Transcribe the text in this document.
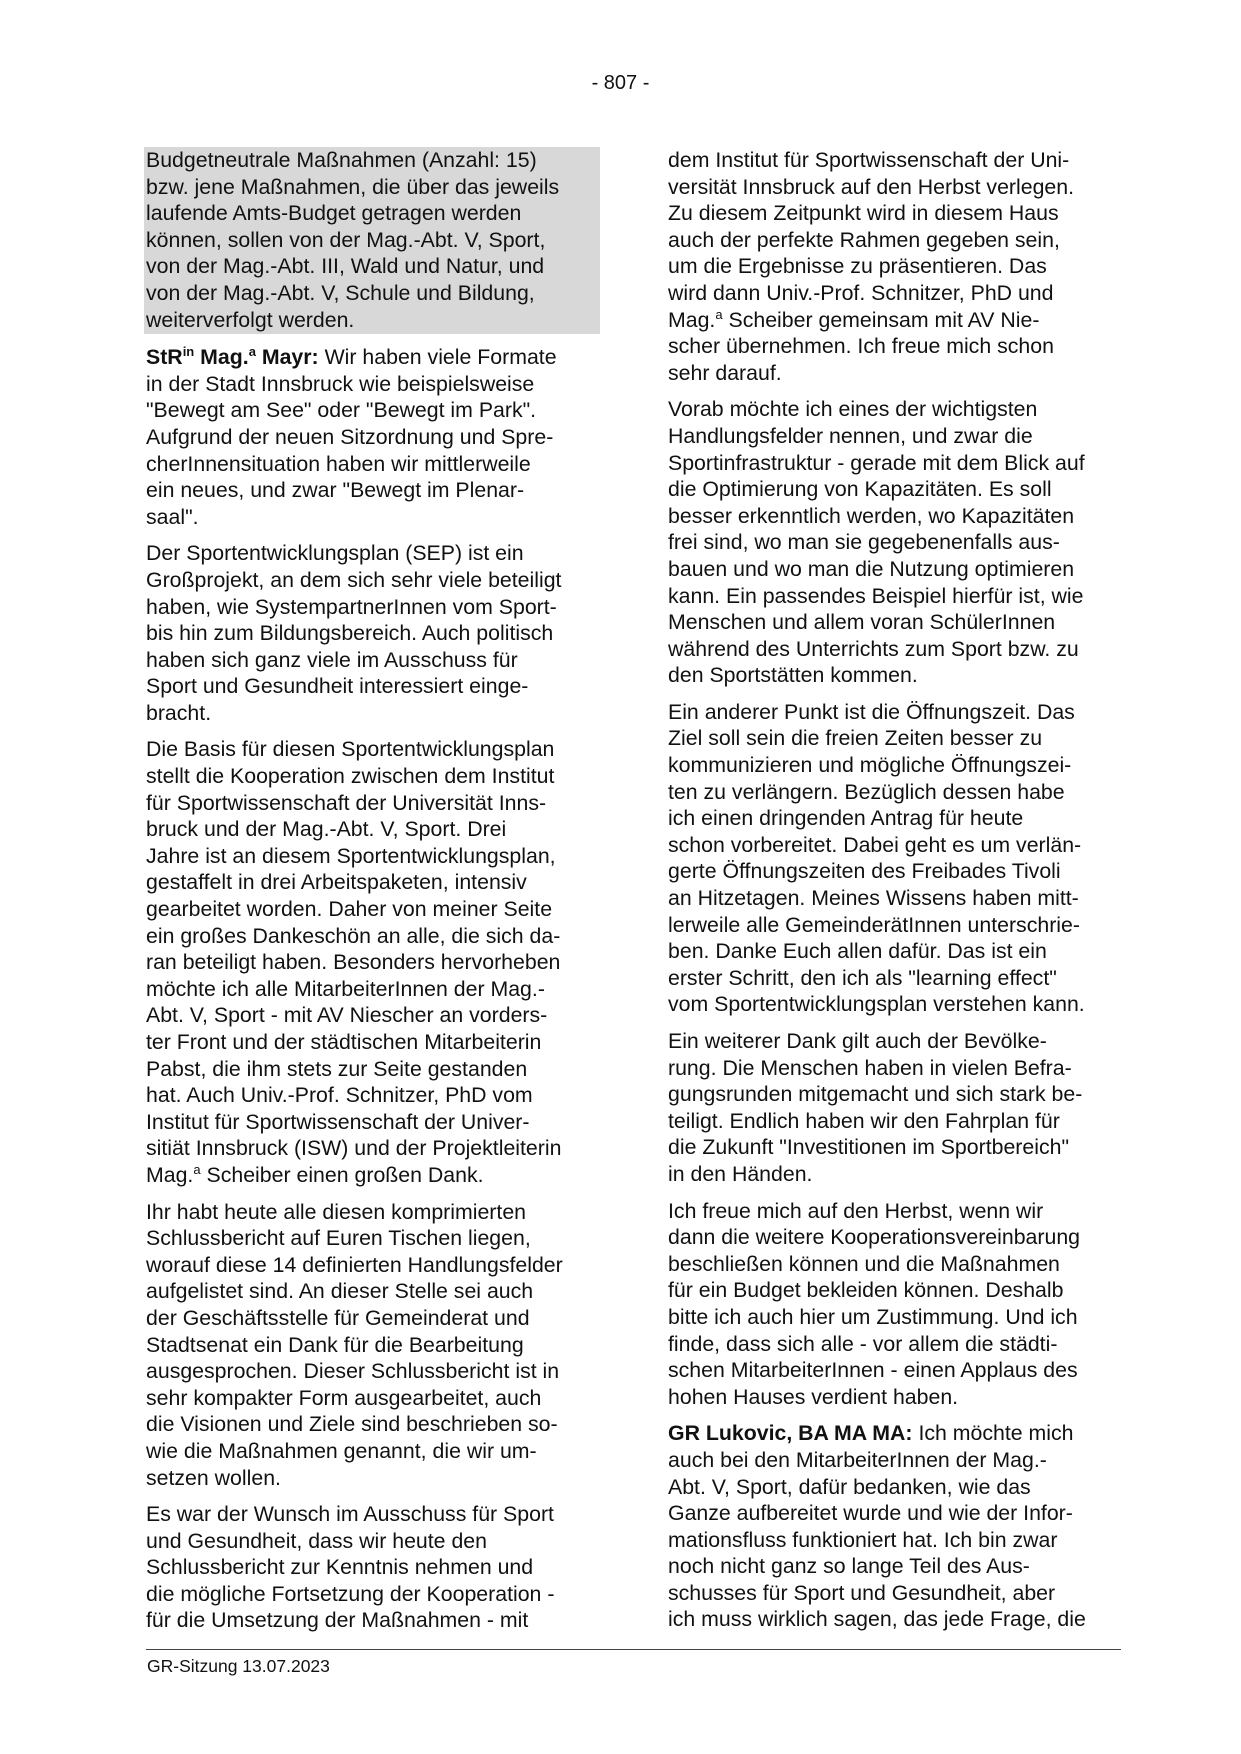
- 807 -
Budgetneutrale Maßnahmen (Anzahl: 15)
bzw. jene Maßnahmen, die über das jeweils
laufende Amts-Budget getragen werden
können, sollen von der Mag.-Abt. V, Sport,
von der Mag.-Abt. III, Wald und Natur, und
von der Mag.-Abt. V, Schule und Bildung,
weiterverfolgt werden.
StR$^{in}$ Mag.$^a$ Mayr: Wir haben viele Formate
in der Stadt Innsbruck wie beispielsweise
"Bewegt am See" oder "Bewegt im Park".
Aufgrund der neuen Sitzordnung und Spre-
cherInnensituation haben wir mittlerweile
ein neues, und zwar "Bewegt im Plenar-
saal".
Der Sportentwicklungsplan (SEP) ist ein
Großprojekt, an dem sich sehr viele beteiligt
haben, wie SystempartnerInnen vom Sport-
bis hin zum Bildungsbereich. Auch politisch
haben sich ganz viele im Ausschuss für
Sport und Gesundheit interessiert einge-
bracht.
Die Basis für diesen Sportentwicklungsplan
stellt die Kooperation zwischen dem Institut
für Sportwissenschaft der Universität Inns-
bruck und der Mag.-Abt. V, Sport. Drei
Jahre ist an diesem Sportentwicklungsplan,
gestaffelt in drei Arbeitspaketen, intensiv
gearbeitet worden. Daher von meiner Seite
ein großes Dankeschön an alle, die sich da-
ran beteiligt haben. Besonders hervorheben
möchte ich alle MitarbeiterInnen der Mag.-
Abt. V, Sport - mit AV Niescher an vorders-
ter Front und der städtischen Mitarbeiterin
Pabst, die ihm stets zur Seite gestanden
hat. Auch Univ.-Prof. Schnitzer, PhD vom
Institut für Sportwissenschaft der Univer-
sitiät Innsbruck (ISW) und der Projektleiterin
Mag.$^a$ Scheiber einen großen Dank.
Ihr habt heute alle diesen komprimierten
Schlussbericht auf Euren Tischen liegen,
worauf diese 14 definierten Handlungsfelder
aufgelistet sind. An dieser Stelle sei auch
der Geschäftsstelle für Gemeinderat und
Stadtsenat ein Dank für die Bearbeitung
ausgesprochen. Dieser Schlussbericht ist in
sehr kompakter Form ausgearbeitet, auch
die Visionen und Ziele sind beschrieben so-
wie die Maßnahmen genannt, die wir um-
setzen wollen.
Es war der Wunsch im Ausschuss für Sport
und Gesundheit, dass wir heute den
Schlussbericht zur Kenntnis nehmen und
die mögliche Fortsetzung der Kooperation -
für die Umsetzung der Maßnahmen - mit
dem Institut für Sportwissenschaft der Uni-
versität Innsbruck auf den Herbst verlegen.
Zu diesem Zeitpunkt wird in diesem Haus
auch der perfekte Rahmen gegeben sein,
um die Ergebnisse zu präsentieren. Das
wird dann Univ.-Prof. Schnitzer, PhD und
Mag.$^a$ Scheiber gemeinsam mit AV Nie-
scher übernehmen. Ich freue mich schon
sehr darauf.
Vorab möchte ich eines der wichtigsten
Handlungsfelder nennen, und zwar die
Sportinfrastruktur - gerade mit dem Blick auf
die Optimierung von Kapazitäten. Es soll
besser erkenntlich werden, wo Kapazitäten
frei sind, wo man sie gegebenenfalls aus-
bauen und wo man die Nutzung optimieren
kann. Ein passendes Beispiel hierfür ist, wie
Menschen und allem voran SchülerInnen
während des Unterrichts zum Sport bzw. zu
den Sportstätten kommen.
Ein anderer Punkt ist die Öffnungszeit. Das
Ziel soll sein die freien Zeiten besser zu
kommunizieren und mögliche Öffnungszei-
ten zu verlängern. Bezüglich dessen habe
ich einen dringenden Antrag für heute
schon vorbereitet. Dabei geht es um verlän-
gerte Öffnungszeiten des Freibades Tivoli
an Hitzetagen. Meines Wissens haben mitt-
lerweile alle GemeinderätInnen unterschrie-
ben. Danke Euch allen dafür. Das ist ein
erster Schritt, den ich als "learning effect"
vom Sportentwicklungsplan verstehen kann.
Ein weiterer Dank gilt auch der Bevölke-
rung. Die Menschen haben in vielen Befra-
gungsrunden mitgemacht und sich stark be-
teiligt. Endlich haben wir den Fahrplan für
die Zukunft "Investitionen im Sportbereich"
in den Händen.
Ich freue mich auf den Herbst, wenn wir
dann die weitere Kooperationsvereinbarung
beschließen können und die Maßnahmen
für ein Budget bekleiden können. Deshalb
bitte ich auch hier um Zustimmung. Und ich
finde, dass sich alle - vor allem die städti-
schen MitarbeiterInnen - einen Applaus des
hohen Hauses verdient haben.
GR Lukovic, BA MA MA: Ich möchte mich
auch bei den MitarbeiterInnen der Mag.-
Abt. V, Sport, dafür bedanken, wie das
Ganze aufbereitet wurde und wie der Infor-
mationsfluss funktioniert hat. Ich bin zwar
noch nicht ganz so lange Teil des Aus-
schusses für Sport und Gesundheit, aber
ich muss wirklich sagen, das jede Frage, die
GR-Sitzung 13.07.2023
